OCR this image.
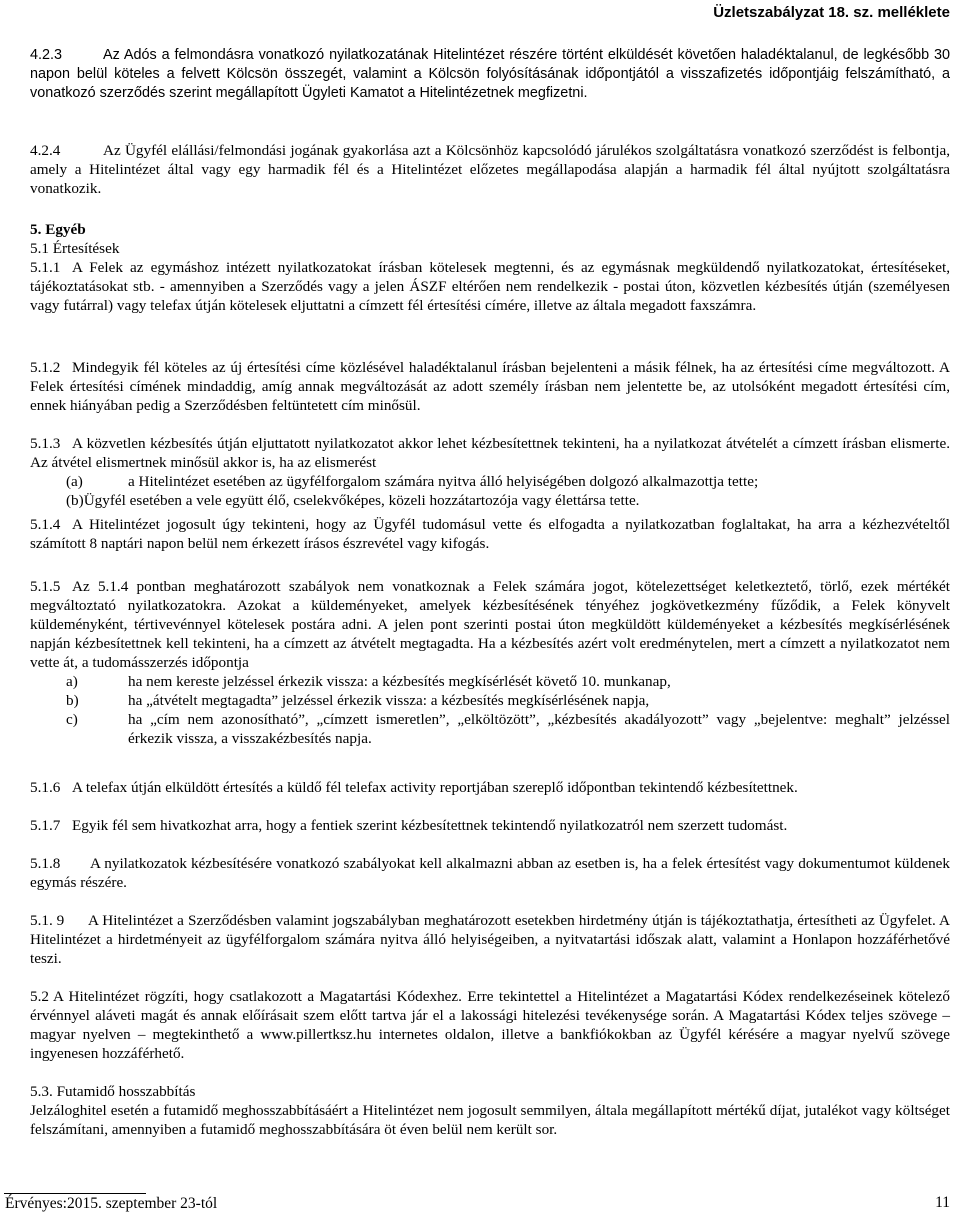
Üzletszabályzat 18. sz. melléklete
4.2.3	Az Adós a felmondásra vonatkozó nyilatkozatának Hitelintézet részére történt elküldését követően haladéktalanul, de legkésőbb 30 napon belül köteles a felvett Kölcsön összegét, valamint a Kölcsön folyósításának időpontjától a visszafizetés időpontjáig felszámítható, a vonatkozó szerződés szerint megállapított Ügyleti Kamatot a Hitelintézetnek megfizetni.
4.2.4	Az Ügyfél elállási/felmondási jogának gyakorlása azt a Kölcsönhöz kapcsolódó járulékos szolgáltatásra vonatkozó szerződést is felbontja, amely a Hitelintézet által vagy egy harmadik fél és a Hitelintézet előzetes megállapodása alapján a harmadik fél által nyújtott szolgáltatásra vonatkozik.
5. Egyéb
5.1 Értesítések
5.1.1 A Felek az egymáshoz intézett nyilatkozatokat írásban kötelesek megtenni, és az egymásnak megküldendő nyilatkozatokat, értesítéseket, tájékoztatásokat stb. - amennyiben a Szerződés vagy a jelen ÁSZF eltérően nem rendelkezik - postai úton, közvetlen kézbesítés útján (személyesen vagy futárral) vagy telefax útján kötelesek eljuttatni a címzett fél értesítési címére, illetve az általa megadott faxszámra.
5.1.2 Mindegyik fél köteles az új értesítési címe közlésével haladéktalanul írásban bejelenteni a másik félnek, ha az értesítési címe megváltozott. A Felek értesítési címének mindaddig, amíg annak megváltozását az adott személy írásban nem jelentette be, az utolsóként megadott értesítési cím, ennek hiányában pedig a Szerződésben feltüntetett cím minősül.
5.1.3 A közvetlen kézbesítés útján eljuttatott nyilatkozatot akkor lehet kézbesítettnek tekinteni, ha a nyilatkozat átvételét a címzett írásban elismerte. Az átvétel elismertnek minősül akkor is, ha az elismerést
(a)	a Hitelintézet esetében az ügyfélforgalom számára nyitva álló helyiségében dolgozó alkalmazottja tette;
(b)Ügyfél esetében a vele együtt élő, cselekvőképes, közeli hozzátartozója vagy élettársa tette.
5.1.4 A Hitelintézet jogosult úgy tekinteni, hogy az Ügyfél tudomásul vette és elfogadta a nyilatkozatban foglaltakat, ha arra a kézhezvételtől számított 8 naptári napon belül nem érkezett írásos észrevétel vagy kifogás.
5.1.5 Az 5.1.4 pontban meghatározott szabályok nem vonatkoznak a Felek számára jogot, kötelezettséget keletkeztető, törlő, ezek mértékét megváltoztató nyilatkozatokra. Azokat a küldeményeket, amelyek kézbesítésének tényéhez jogkövetkezmény fűződik, a Felek könyvelt küldeményként, tértivevénnyel kötelesek postára adni. A jelen pont szerinti postai úton megküldött küldeményeket a kézbesítés megkísérlésének napján kézbesítettnek kell tekinteni, ha a címzett az átvételt megtagadta. Ha a kézbesítés azért volt eredménytelen, mert a címzett a nyilatkozatot nem vette át, a tudomásszerzés időpontja
a)	ha nem kereste jelzéssel érkezik vissza: a kézbesítés megkísérlését követő 10. munkanap,
b)	ha „átvételt megtagadta” jelzéssel érkezik vissza: a kézbesítés megkísérlésének napja,
c)	ha „cím nem azonosítható”, „címzett ismeretlen”, „elköltözött”, „kézbesítés akadályozott” vagy „bejelentve: meghalt” jelzéssel érkezik vissza, a visszakézbesítés napja.
5.1.6 A telefax útján elküldött értesítés a küldő fél telefax activity reportjában szereplő időpontban tekintendő kézbesítettnek.
5.1.7 Egyik fél sem hivatkozhat arra, hogy a fentiek szerint kézbesítettnek tekintendő nyilatkozatról nem szerzett tudomást.
5.1.8 A nyilatkozatok kézbesítésére vonatkozó szabályokat kell alkalmazni abban az esetben is, ha a felek értesítést vagy dokumentumot küldenek egymás részére.
5.1. 9 A Hitelintézet a Szerződésben valamint jogszabályban meghatározott esetekben hirdetmény útján is tájékoztathatja, értesítheti az Ügyfelet. A Hitelintézet a hirdetményeit az ügyfélforgalom számára nyitva álló helyiségeiben, a nyitvatartási időszak alatt, valamint a Honlapon hozzáférhetővé teszi.
5.2 A Hitelintézet rögzíti, hogy csatlakozott a Magatartási Kódexhez. Erre tekintettel a Hitelintézet a Magatartási Kódex rendelkezéseinek kötelező érvénnyel aláveti magát és annak előírásait szem előtt tartva jár el a lakossági hitelezési tevékenysége során. A Magatartási Kódex teljes szövege – magyar nyelven – megtekinthető a www.pillertksz.hu internetes oldalon, illetve a bankfiókokban az Ügyfél kérésére a magyar nyelvű szövege ingyenesen hozzáférhető.
5.3. Futamidő hosszabbítás
Jelzáloghitel esetén a futamidő meghosszabbításáért a Hitelintézet nem jogosult semmilyen, általa megállapított mértékű díjat, jutalékot vagy költséget felszámítani, amennyiben a futamidő meghosszabbítására öt éven belül nem került sor.
Érvényes:2015. szeptember 23-tól	11
